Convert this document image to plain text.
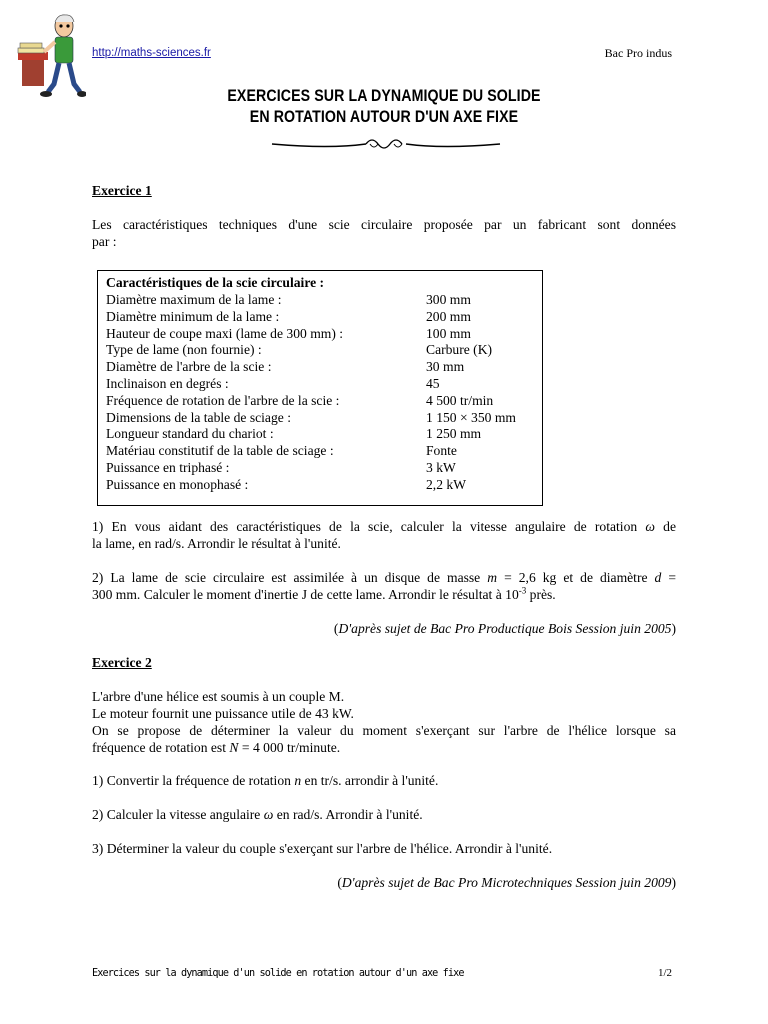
http://maths-sciences.fr	Bac Pro indus
EXERCICES SUR LA DYNAMIQUE DU SOLIDE
EN ROTATION AUTOUR D'UN AXE FIXE
Exercice 1
Les caractéristiques techniques d'une scie circulaire proposée par un fabricant sont données
par :
Caractéristiques de la scie circulaire :
Diamètre maximum de la lame :	300 mm
Diamètre minimum de la lame :	200 mm
Hauteur de coupe maxi (lame de 300 mm) :	100 mm
Type de lame (non fournie) :	Carbure (K)
Diamètre de l'arbre de la scie :	30 mm
Inclinaison en degrés :	45
Fréquence de rotation de l'arbre de la scie :	4 500 tr/min
Dimensions de la table de sciage :	1 150 × 350 mm
Longueur standard du chariot :	1 250 mm
Matériau constitutif de la table de sciage :	Fonte
Puissance en triphasé :	3 kW
Puissance en monophasé :	2,2 kW
1) En vous aidant des caractéristiques de la scie, calculer la vitesse angulaire de rotation ω de
la lame, en rad/s. Arrondir le résultat à l'unité.
2) La lame de scie circulaire est assimilée à un disque de masse m = 2,6 kg et de diamètre d =
300 mm. Calculer le moment d'inertie J de cette lame. Arrondir le résultat à $10^{-3}$ près.
(D'après sujet de Bac Pro Productique Bois Session juin 2005)
Exercice 2
L'arbre d'une hélice est soumis à un couple M.
Le moteur fournit une puissance utile de 43 kW.
On se propose de déterminer la valeur du moment s'exerçant sur l'arbre de l'hélice lorsque sa
fréquence de rotation est N = 4 000 tr/minute.
1) Convertir la fréquence de rotation n en tr/s. arrondir à l'unité.
2) Calculer la vitesse angulaire ω en rad/s. Arrondir à l'unité.
3) Déterminer la valeur du couple s'exerçant sur l'arbre de l'hélice. Arrondir à l'unité.
(D'après sujet de Bac Pro Microtechniques Session juin 2009)
Exercices sur la dynamique d'un solide en rotation autour d'un axe fixe	1/2
